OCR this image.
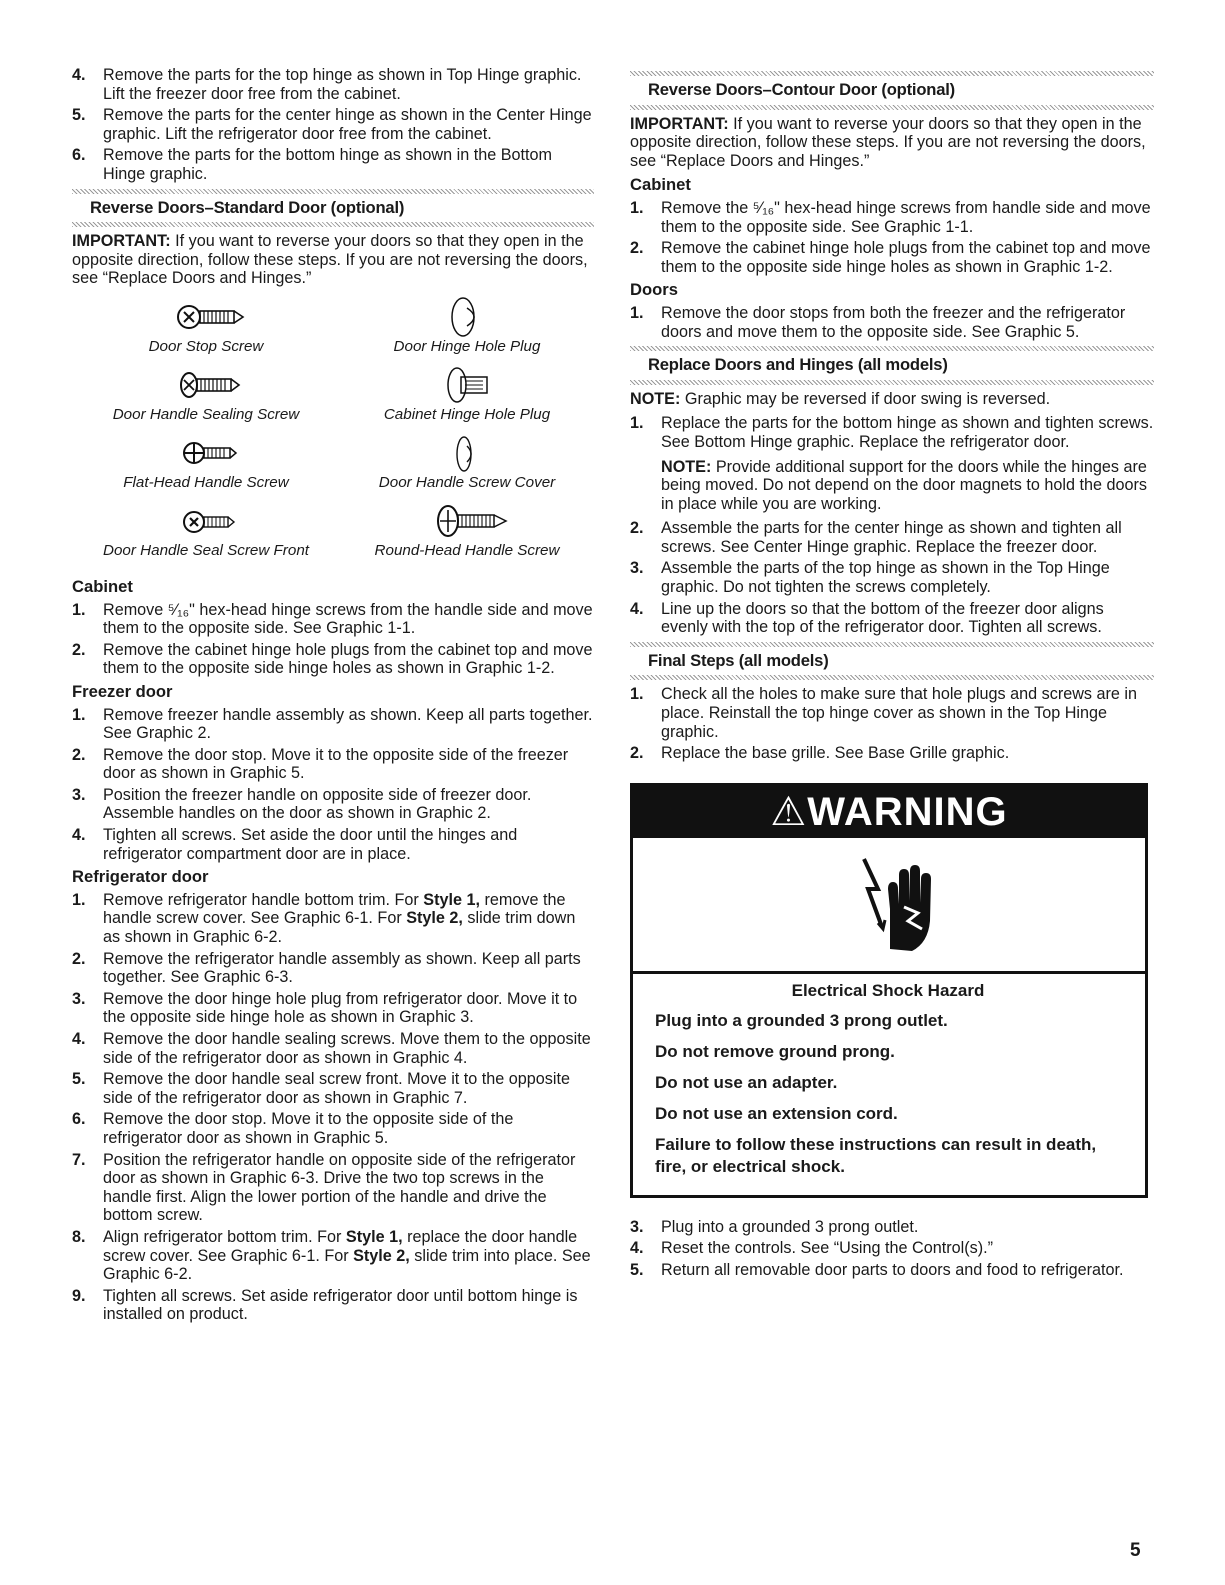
4. Remove the parts for the top hinge as shown in Top Hinge graphic. Lift the freezer door free from the cabinet.
5. Remove the parts for the center hinge as shown in the Center Hinge graphic. Lift the refrigerator door free from the cabinet.
6. Remove the parts for the bottom hinge as shown in the Bottom Hinge graphic.
Reverse Doors–Standard Door (optional)

IMPORTANT: If you want to reverse your doors so that they open in the opposite direction, follow these steps. If you are not reversing the doors, see “Replace Doors and Hinges.”

Door Stop Screw	Door Hinge Hole Plug
Door Handle Sealing Screw	Cabinet Hinge Hole Plug
Flat-Head Handle Screw	Door Handle Screw Cover
Door Handle Seal Screw Front	Round-Head Handle Screw
Cabinet
1. Remove ⁵⁄₁₆" hex-head hinge screws from the handle side and move them to the opposite side. See Graphic 1-1.
2. Remove the cabinet hinge hole plugs from the cabinet top and move them to the opposite side hinge holes as shown in Graphic 1-2.
Freezer door
1. Remove freezer handle assembly as shown. Keep all parts together. See Graphic 2.
2. Remove the door stop. Move it to the opposite side of the freezer door as shown in Graphic 5.
3. Position the freezer handle on opposite side of freezer door. Assemble handles on the door as shown in Graphic 2.
4. Tighten all screws. Set aside the door until the hinges and refrigerator compartment door are in place.
Refrigerator door
1. Remove refrigerator handle bottom trim. For Style 1, remove the handle screw cover. See Graphic 6-1. For Style 2, slide trim down as shown in Graphic 6-2.
2. Remove the refrigerator handle assembly as shown. Keep all parts together. See Graphic 6-3.
3. Remove the door hinge hole plug from refrigerator door. Move it to the opposite side hinge hole as shown in Graphic 3.
4. Remove the door handle sealing screws. Move them to the opposite side of the refrigerator door as shown in Graphic 4.
5. Remove the door handle seal screw front. Move it to the opposite side of the refrigerator door as shown in Graphic 7.
6. Remove the door stop. Move it to the opposite side of the refrigerator door as shown in Graphic 5.
7. Position the refrigerator handle on opposite side of the refrigerator door as shown in Graphic 6-3. Drive the two top screws in the handle first. Align the lower portion of the handle and drive the bottom screw.
8. Align refrigerator bottom trim. For Style 1, replace the door handle screw cover. See Graphic 6-1. For Style 2, slide trim into place. See Graphic 6-2.
9. Tighten all screws. Set aside refrigerator door until bottom hinge is installed on product.
Reverse Doors–Contour Door (optional)

IMPORTANT: If you want to reverse your doors so that they open in the opposite direction, follow these steps. If you are not reversing the doors, see “Replace Doors and Hinges.”

Cabinet
1. Remove the ⁵⁄₁₆" hex-head hinge screws from handle side and move them to the opposite side. See Graphic 1-1.
2. Remove the cabinet hinge hole plugs from the cabinet top and move them to the opposite side hinge holes as shown in Graphic 1-2.
Doors
1. Remove the door stops from both the freezer and the refrigerator doors and move them to the opposite side. See Graphic 5.
Replace Doors and Hinges (all models)

NOTE: Graphic may be reversed if door swing is reversed.

1. Replace the parts for the bottom hinge as shown and tighten screws. See Bottom Hinge graphic. Replace the refrigerator door.
NOTE: Provide additional support for the doors while the hinges are being moved. Do not depend on the door magnets to hold the doors in place while you are working.
2. Assemble the parts for the center hinge as shown and tighten all screws. See Center Hinge graphic. Replace the freezer door.
3. Assemble the parts of the top hinge as shown in the Top Hinge graphic. Do not tighten the screws completely.
4. Line up the doors so that the bottom of the freezer door aligns evenly with the top of the refrigerator door. Tighten all screws.
Final Steps (all models)
1. Check all the holes to make sure that hole plugs and screws are in place. Reinstall the top hinge cover as shown in the Top Hinge graphic.
2. Replace the base grille. See Base Grille graphic.
⚠WARNING
Electrical Shock Hazard
Plug into a grounded 3 prong outlet.
Do not remove ground prong.
Do not use an adapter.
Do not use an extension cord.
Failure to follow these instructions can result in death, fire, or electrical shock.
3. Plug into a grounded 3 prong outlet.
4. Reset the controls. See “Using the Control(s).”
5. Return all removable door parts to doors and food to refrigerator.
5
